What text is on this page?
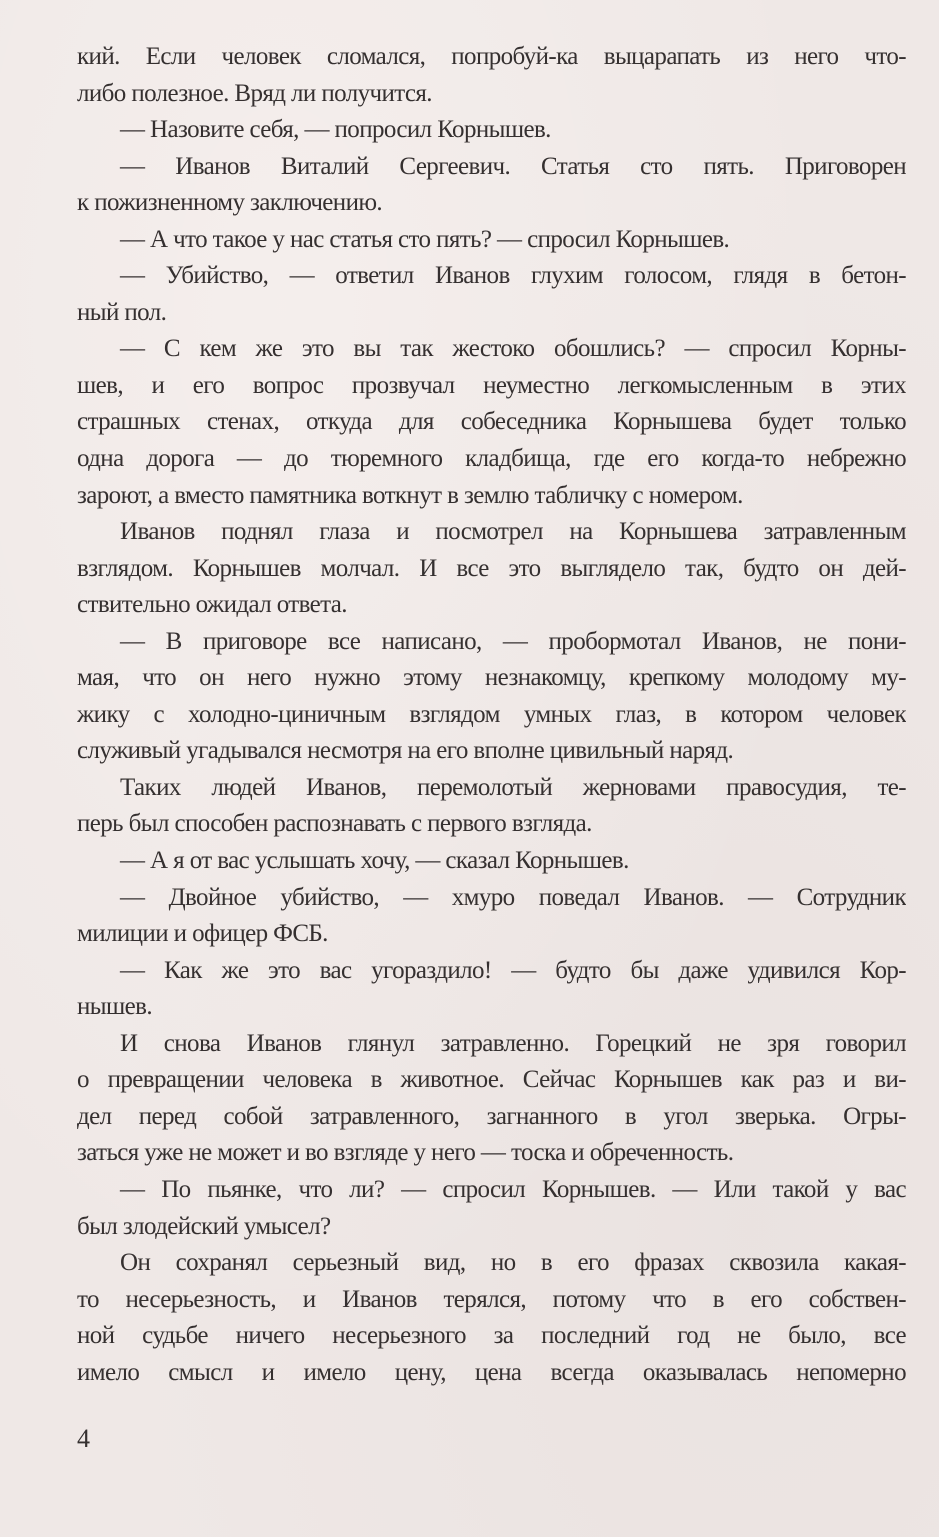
кий. Если человек сломался, попробуй-ка выцарапать из него что-
либо полезное. Вряд ли получится.
— Назовите себя, — попросил Корнышев.
— Иванов Виталий Сергеевич. Статья сто пять. Приговорен
к пожизненному заключению.
— А что такое у нас статья сто пять? — спросил Корнышев.
— Убийство, — ответил Иванов глухим голосом, глядя в бетон-
ный пол.
— С кем же это вы так жестоко обошлись? — спросил Корны-
шев, и его вопрос прозвучал неуместно легкомысленным в этих
страшных стенах, откуда для собеседника Корнышева будет только
одна дорога — до тюремного кладбища, где его когда-то небрежно
зароют, а вместо памятника воткнут в землю табличку с номером.
Иванов поднял глаза и посмотрел на Корнышева затравленным
взглядом. Корнышев молчал. И все это выглядело так, будто он дей-
ствительно ожидал ответа.
— В приговоре все написано, — пробормотал Иванов, не пони-
мая, что он него нужно этому незнакомцу, крепкому молодому му-
жику с холодно-циничным взглядом умных глаз, в котором человек
служивый угадывался несмотря на его вполне цивильный наряд.
Таких людей Иванов, перемолотый жерновами правосудия, те-
перь был способен распознавать с первого взгляда.
— А я от вас услышать хочу, — сказал Корнышев.
— Двойное убийство, — хмуро поведал Иванов. — Сотрудник
милиции и офицер ФСБ.
— Как же это вас угораздило! — будто бы даже удивился Кор-
нышев.
И снова Иванов глянул затравленно. Горецкий не зря говорил
о превращении человека в животное. Сейчас Корнышев как раз и ви-
дел перед собой затравленного, загнанного в угол зверька. Огры-
заться уже не может и во взгляде у него — тоска и обреченность.
— По пьянке, что ли? — спросил Корнышев. — Или такой у вас
был злодейский умысел?
Он сохранял серьезный вид, но в его фразах сквозила какая-
то несерьезность, и Иванов терялся, потому что в его собствен-
ной судьбе ничего несерьезного за последний год не было, все
имело смысл и имело цену, цена всегда оказывалась непомерно
4
